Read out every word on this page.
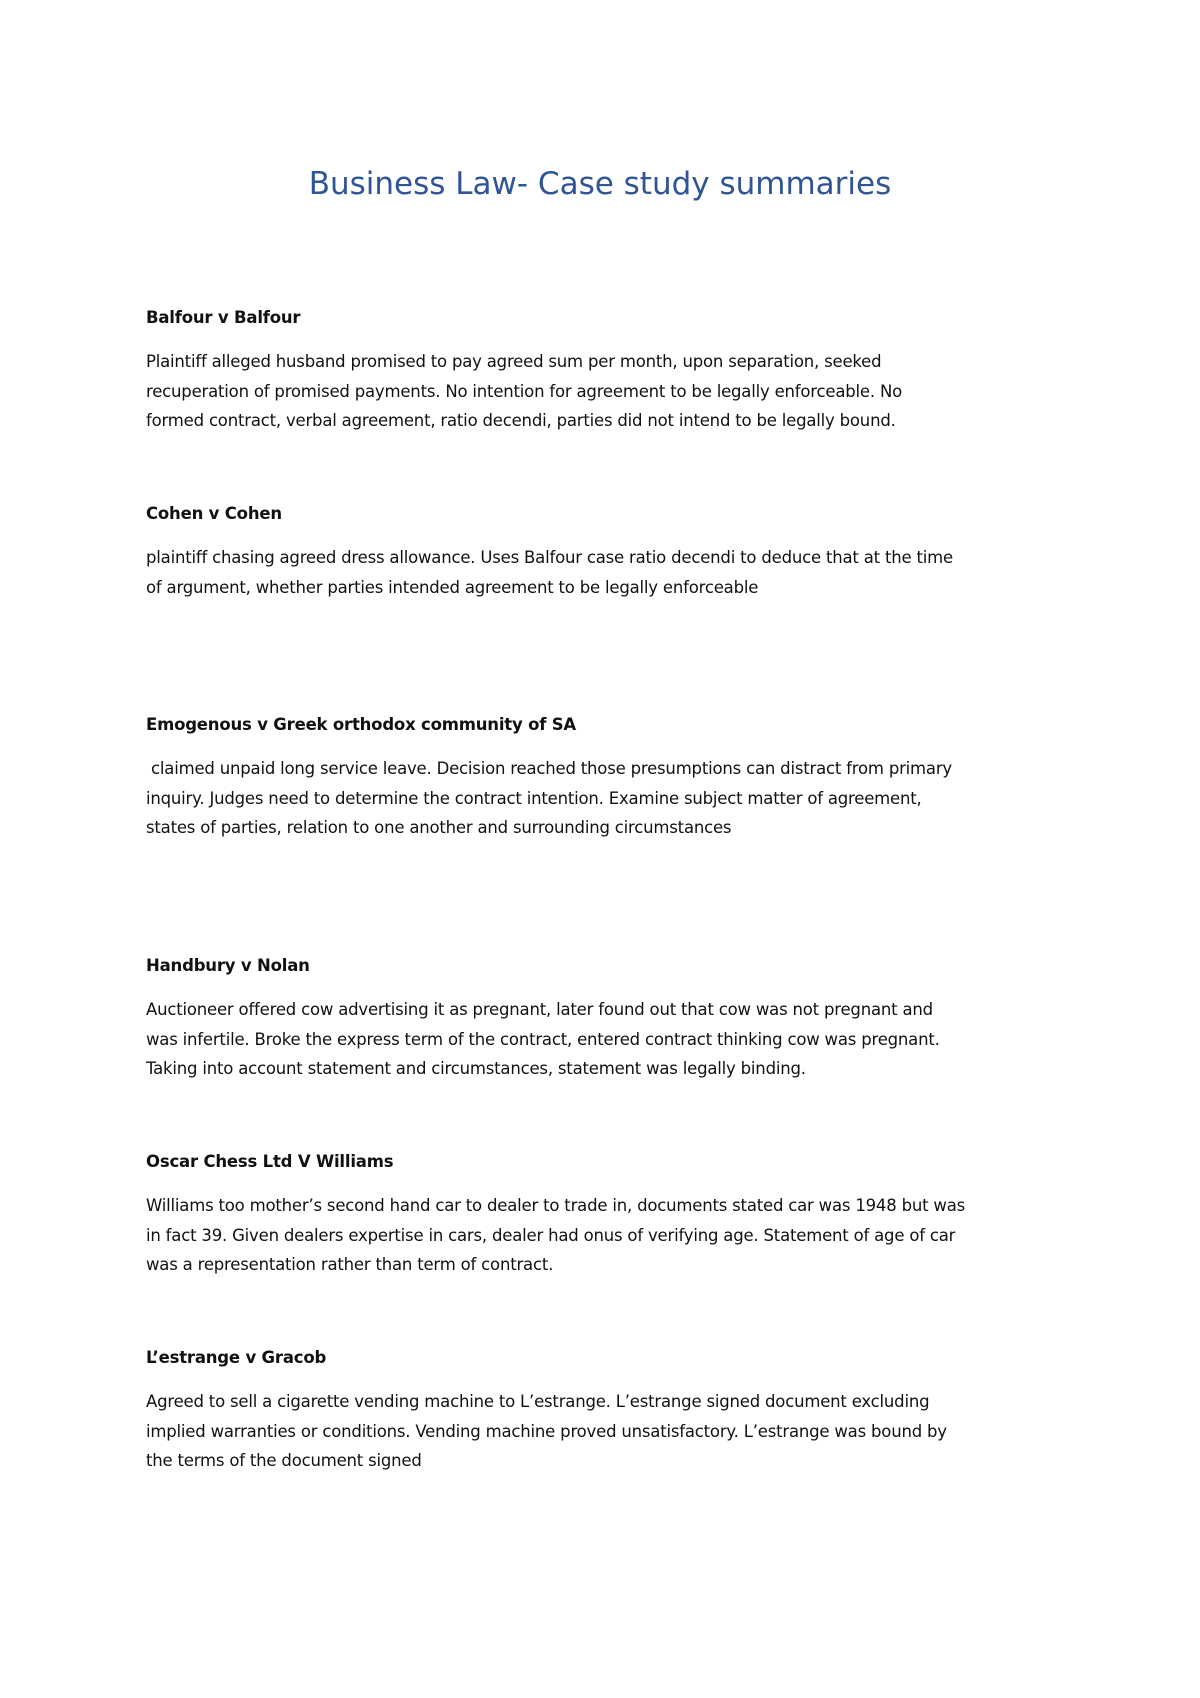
Business Law- Case study summaries

Balfour v Balfour

Plaintiff alleged husband promised to pay agreed sum per month, upon separation, seeked
recuperation of promised payments. No intention for agreement to be legally enforceable. No
formed contract, verbal agreement, ratio decendi, parties did not intend to be legally bound.

Cohen v Cohen

plaintiff chasing agreed dress allowance. Uses Balfour case ratio decendi to deduce that at the time
of argument, whether parties intended agreement to be legally enforceable

Emogenous v Greek orthodox community of SA

claimed unpaid long service leave. Decision reached those presumptions can distract from primary
inquiry. Judges need to determine the contract intention. Examine subject matter of agreement,
states of parties, relation to one another and surrounding circumstances

Handbury v Nolan

Auctioneer offered cow advertising it as pregnant, later found out that cow was not pregnant and
was infertile. Broke the express term of the contract, entered contract thinking cow was pregnant.
Taking into account statement and circumstances, statement was legally binding.

Oscar Chess Ltd V Williams

Williams too mother’s second hand car to dealer to trade in, documents stated car was 1948 but was
in fact 39. Given dealers expertise in cars, dealer had onus of verifying age. Statement of age of car
was a representation rather than term of contract.

L’estrange v Gracob

Agreed to sell a cigarette vending machine to L’estrange. L’estrange signed document excluding
implied warranties or conditions. Vending machine proved unsatisfactory. L’estrange was bound by
the terms of the document signed
